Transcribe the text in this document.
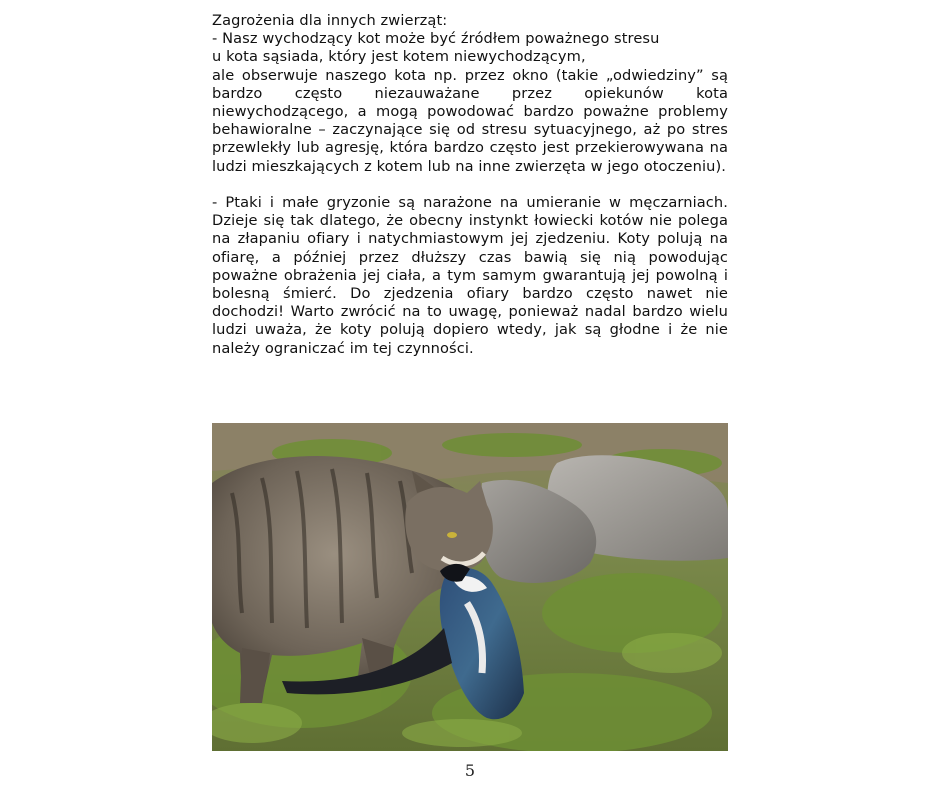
Zagrożenia dla innych zwierząt:

- Nasz wychodzący kot może być źródłem poważnego stresu

u kota sąsiada, który jest kotem niewychodzącym,

ale obserwuje naszego kota np. przez okno (takie „odwiedziny” są bardzo często niezauważane przez opiekunów kota niewychodzącego, a mogą powodować bardzo poważne problemy behawioralne – zaczynające się od stresu sytuacyjnego, aż po stres przewlekły lub agresję, która bardzo często jest przekierowywana na ludzi mieszkających z kotem lub na inne zwierzęta w jego otoczeniu).

- Ptaki i małe gryzonie są narażone na umieranie w męczarniach. Dzieje się tak dlatego, że obecny instynkt łowiecki kotów nie polega na złapaniu ofiary i natychmiastowym jej zjedzeniu. Koty polują na ofiarę, a później przez dłuższy czas bawią się nią powodując poważne obrażenia jej ciała, a tym samym gwarantują jej powolną i bolesną śmierć. Do zjedzenia ofiary bardzo często nawet nie dochodzi! Warto zwrócić na to uwagę, ponieważ nadal bardzo wielu ludzi uważa, że koty polują dopiero wtedy, jak są głodne i że nie należy ograniczać im tej czynności.

5
